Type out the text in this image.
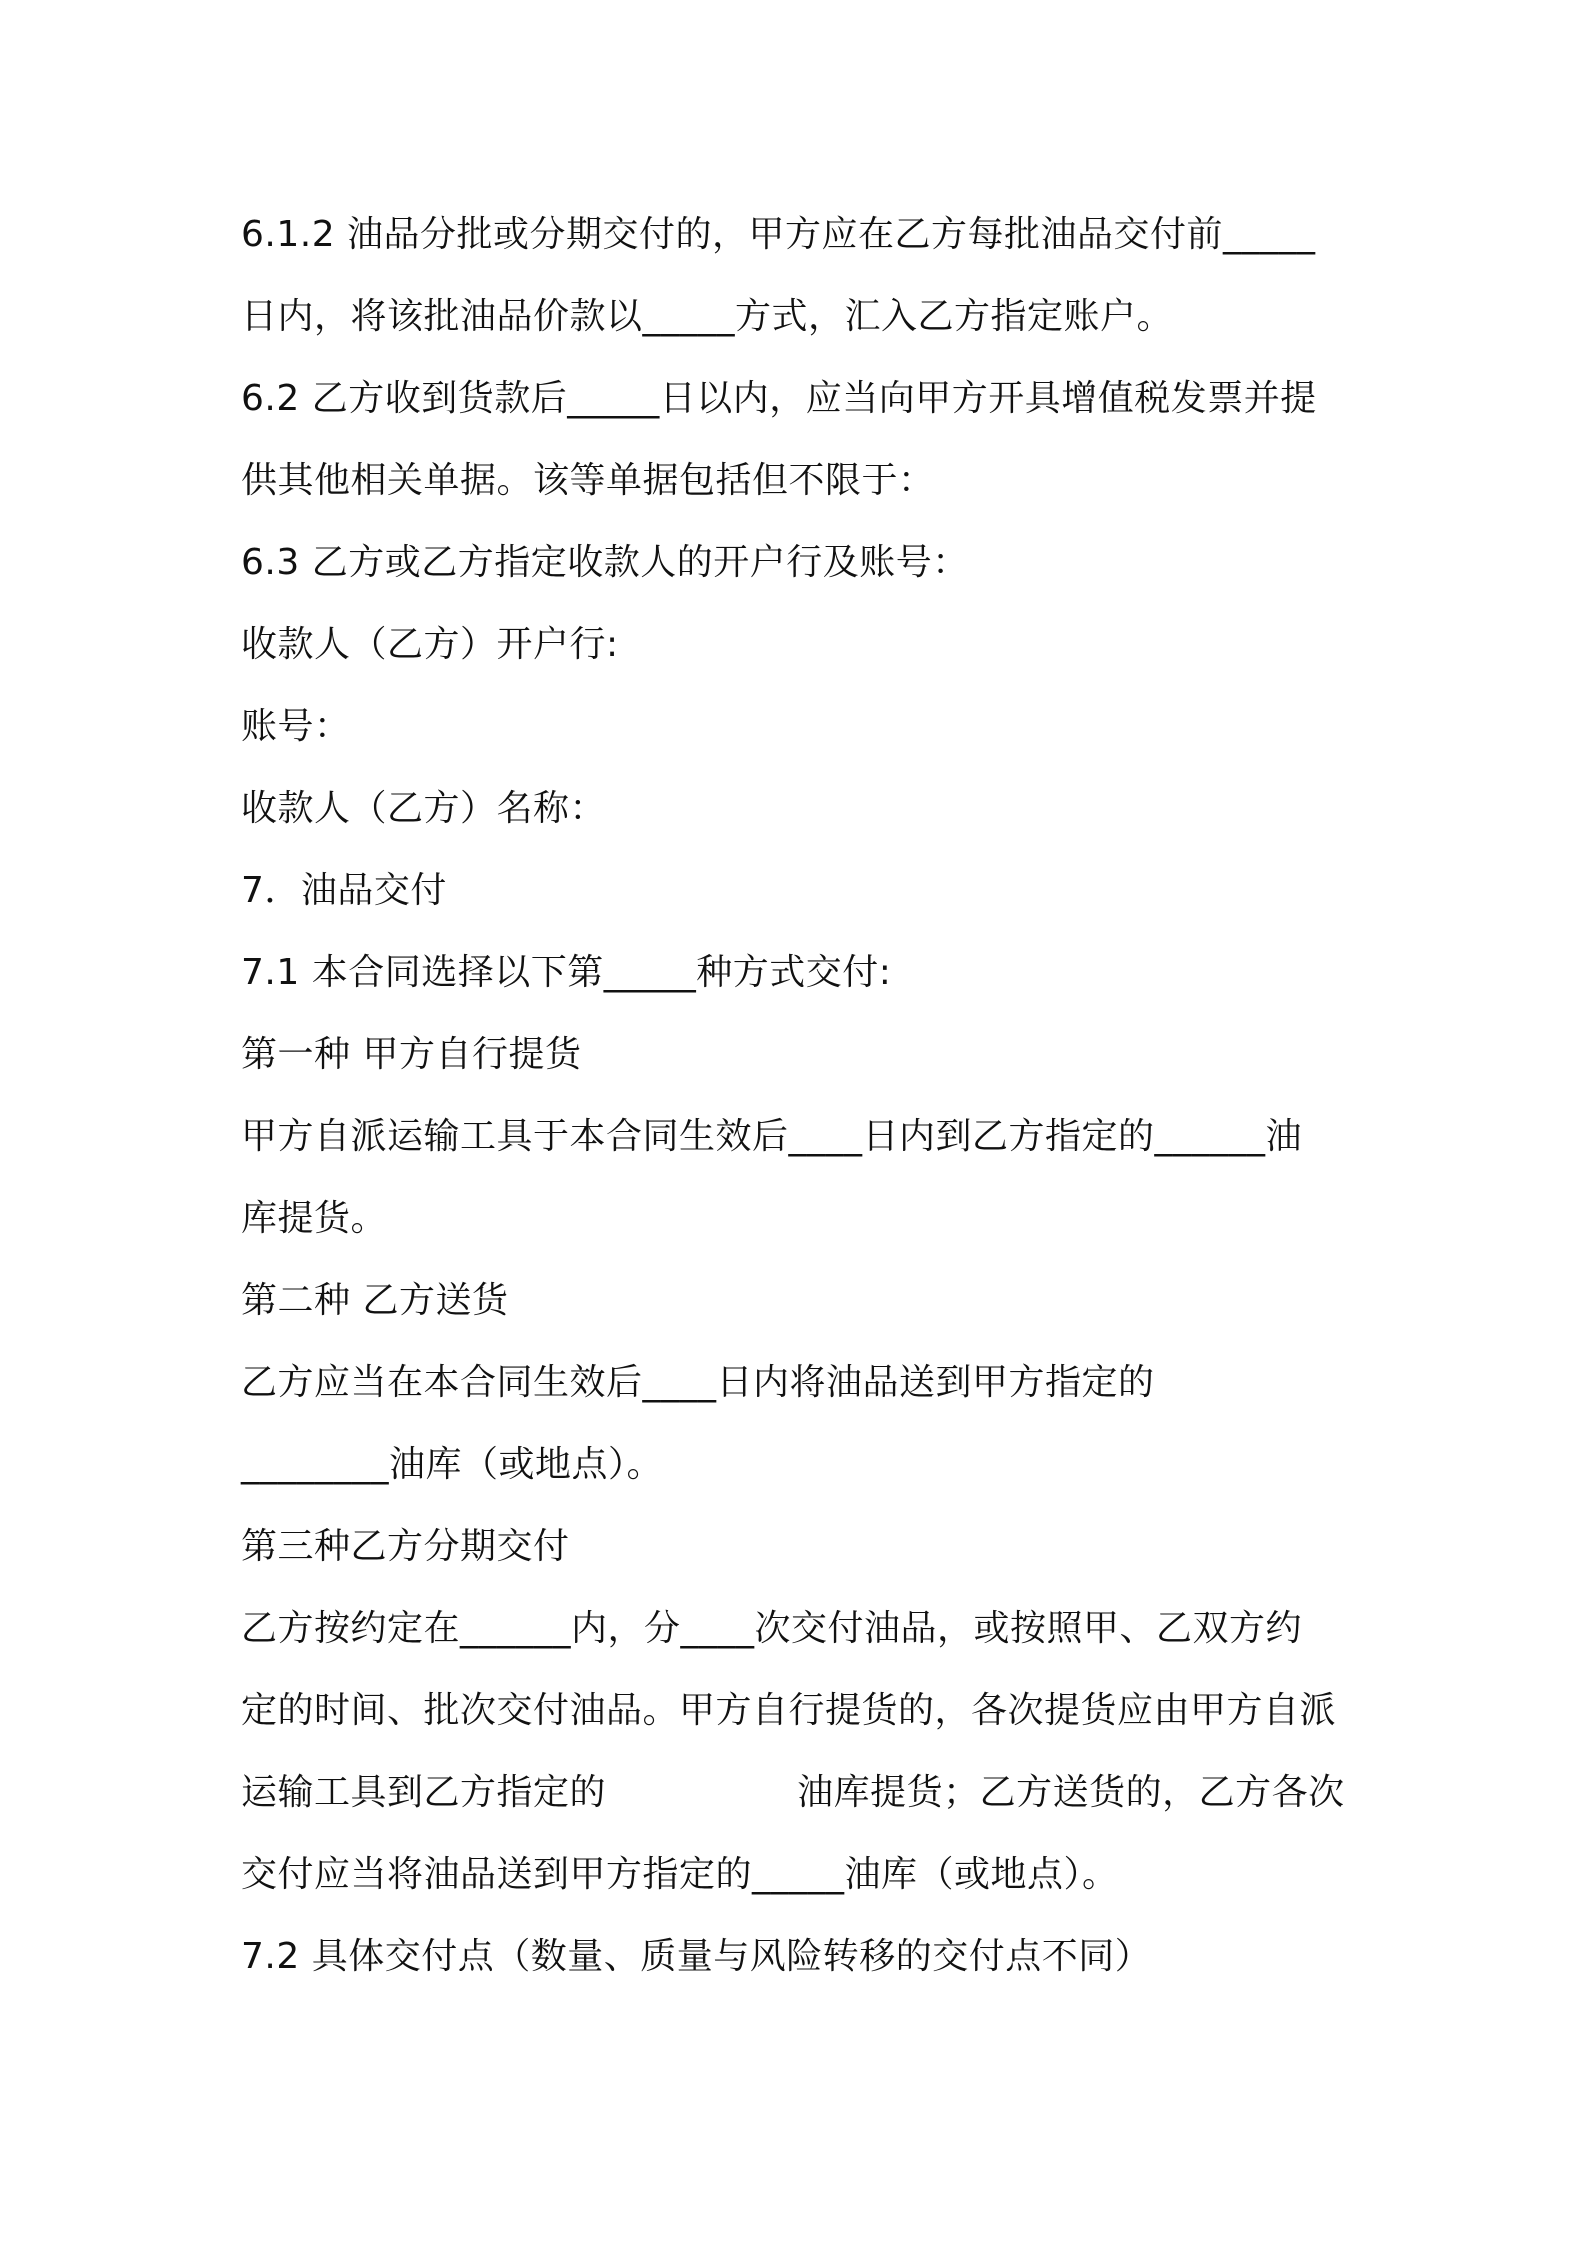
6.1.2 油品分批或分期交付的，甲方应在乙方每批油品交付前_____
日内，将该批油品价款以_____方式，汇入乙方指定账户。
6.2 乙方收到货款后_____日以内，应当向甲方开具增值税发票并提
供其他相关单据。该等单据包括但不限于：
6.3 乙方或乙方指定收款人的开户行及账号：
收款人（乙方）开户行:
账号：
收款人（乙方）名称：
7．油品交付
7.1 本合同选择以下第_____种方式交付:
第一种 甲方自行提货
甲方自派运输工具于本合同生效后____日内到乙方指定的______油
库提货。
第二种 乙方送货
乙方应当在本合同生效后____日内将油品送到甲方指定的
________油库（或地点）。
第三种乙方分期交付
乙方按约定在______内，分____次交付油品，或按照甲、乙双方约
定的时间、批次交付油品。甲方自行提货的，各次提货应由甲方自派
运输工具到乙方指定的                油库提货；乙方送货的，乙方各次
交付应当将油品送到甲方指定的_____油库（或地点）。
7.2 具体交付点（数量、质量与风险转移的交付点不同）
